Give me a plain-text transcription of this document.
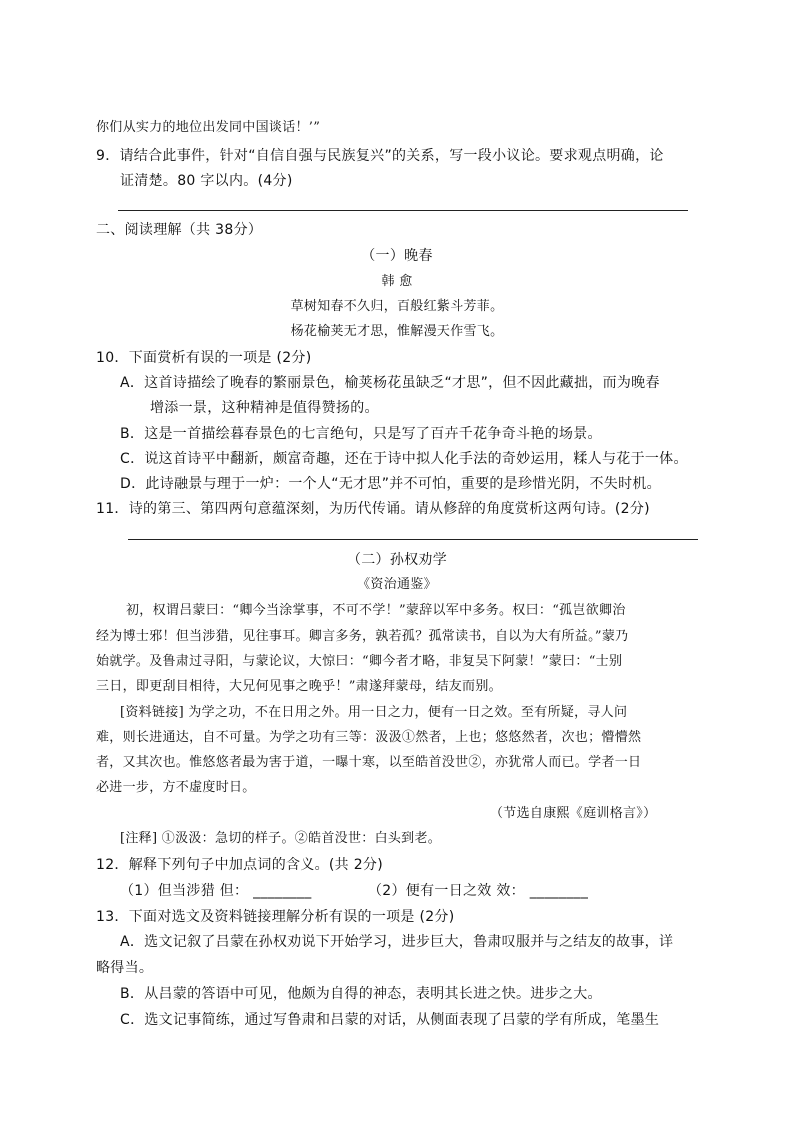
你们从实力的地位出发同中国谈话！’”
9．请结合此事件，针对“自信自强与民族复兴”的关系，写一段小议论。要求观点明确，论
证清楚。80 字以内。(4分)
二、阅读理解（共 38分）
（一）晚春
韩 愈
草树知春不久归，百般红紫斗芳菲。
杨花榆荚无才思，惟解漫天作雪飞。
10．下面赏析有误的一项是 (2分)
A．这首诗描绘了晚春的繁丽景色，榆荚杨花虽缺乏“才思”，但不因此藏拙，而为晚春
增添一景，这种精神是值得赞扬的。
B．这是一首描绘暮春景色的七言绝句，只是写了百卉千花争奇斗艳的场景。
C．说这首诗平中翻新，颇富奇趣，还在于诗中拟人化手法的奇妙运用，糅人与花于一体。
D．此诗融景与理于一炉：一个人“无才思”并不可怕，重要的是珍惜光阴，不失时机。
11．诗的第三、第四两句意蕴深刻，为历代传诵。请从修辞的角度赏析这两句诗。(2分)
（二）孙权劝学
《资治通鉴》
初，权谓吕蒙曰：“卿今当涂掌事，不可不学！”蒙辞以军中多务。权曰：“孤岂欲卿治
经为博士邪！但当涉猎，见往事耳。卿言多务，孰若孤？孤常读书，自以为大有所益。”蒙乃
始就学。及鲁肃过寻阳，与蒙论议，大惊曰：“卿今者才略，非复吴下阿蒙！”蒙曰：“士别
三日，即更刮目相待，大兄何见事之晚乎！”肃遂拜蒙母，结友而别。
[资料链接] 为学之功，不在日用之外。用一日之力，便有一日之效。至有所疑，寻人问
难，则长进通达，自不可量。为学之功有三等：汲汲①然者，上也；悠悠然者，次也；懵懵然
者，又其次也。惟悠悠者最为害于道，一曝十寒，以至皓首没世②，亦犹常人而已。学者一日
必进一步，方不虚度时日。
（节选自康熙《庭训格言》）
[注释] ①汲汲：急切的样子。②皓首没世：白头到老。
12．解释下列句子中加点词的含义。(共 2分)
（1）但当涉猎 但： ________	（2）便有一日之效 效： ________
13．下面对选文及资料链接理解分析有误的一项是 (2分)
A．选文记叙了吕蒙在孙权劝说下开始学习，进步巨大，鲁肃叹服并与之结友的故事，详
略得当。
B．从吕蒙的答语中可见，他颇为自得的神态，表明其长进之快。进步之大。
C．选文记事简练，通过写鲁肃和吕蒙的对话，从侧面表现了吕蒙的学有所成，笔墨生
